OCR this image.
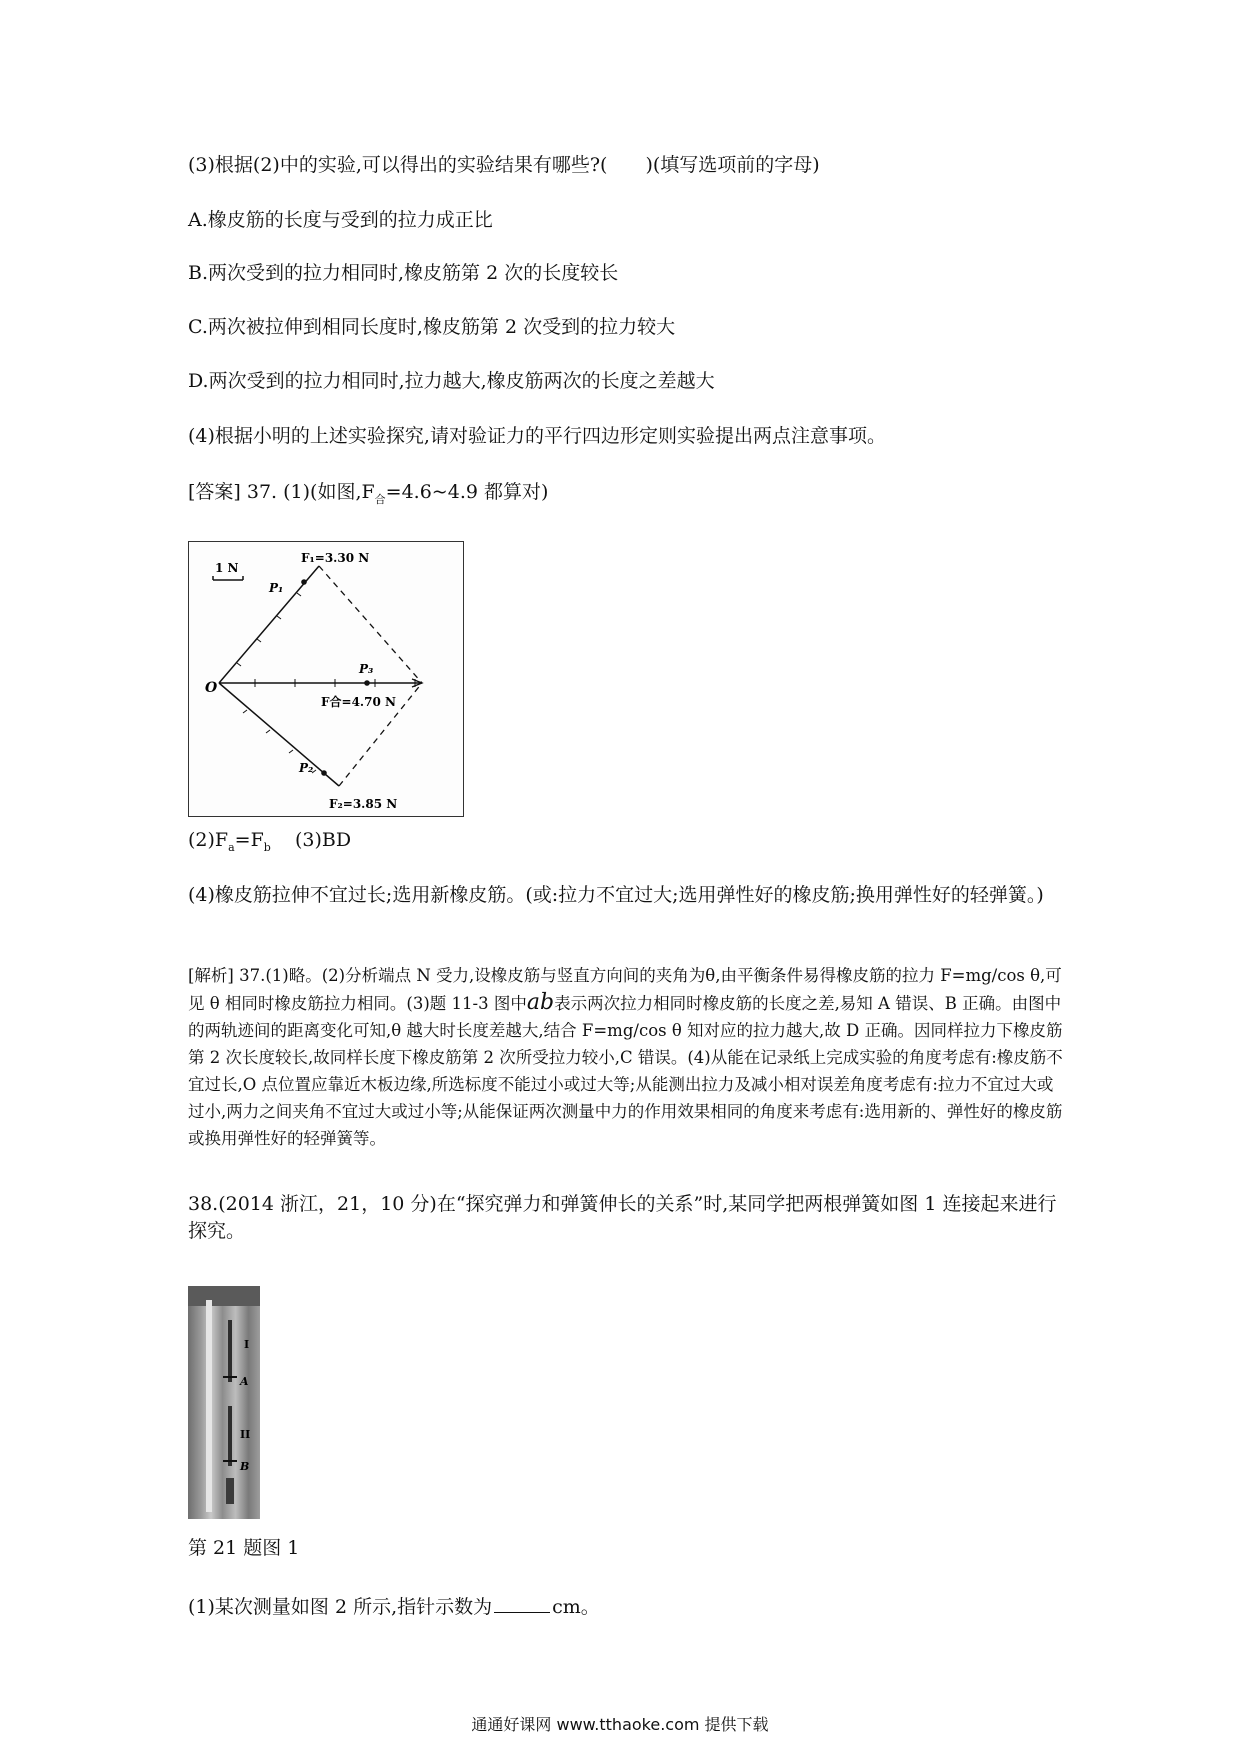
(3)根据(2)中的实验,可以得出的实验结果有哪些?( )(填写选项前的字母)
A.橡皮筋的长度与受到的拉力成正比
B.两次受到的拉力相同时,橡皮筋第 2 次的长度较长
C.两次被拉伸到相同长度时,橡皮筋第 2 次受到的拉力较大
D.两次受到的拉力相同时,拉力越大,橡皮筋两次的长度之差越大
(4)根据小明的上述实验探究,请对验证力的平行四边形定则实验提出两点注意事项。
[答案] 37. (1)(如图$,F_合=4.6\sim 4.9$ 都算对)
1 N
O
F₁=3.30 N
P₁
P₃
F合=4.70 N
P₂
F₂=3.85 N
$(2)F_a=F_b$    (3)BD
(4)橡皮筋拉伸不宜过长;选用新橡皮筋。(或:拉力不宜过大;选用弹性好的橡皮筋;换用弹性好的轻弹簧。)
[解析] 37.(1)略。(2)分析端点 N 受力,设橡皮筋与竖直方向间的夹角为θ,由平衡条件易得橡皮筋的拉力 F=mg/cos θ,可见 θ 相同时橡皮筋拉力相同。(3)题 11-3 图中ab表示两次拉力相同时橡皮筋的长度之差,易知 A 错误、B 正确。由图中的两轨迹间的距离变化可知,θ 越大时长度差越大,结合 F=mg/cos θ 知对应的拉力越大,故 D 正确。因同样拉力下橡皮筋第 2 次长度较长,故同样长度下橡皮筋第 2 次所受拉力较小,C 错误。(4)从能在记录纸上完成实验的角度考虑有:橡皮筋不宜过长,O 点位置应靠近木板边缘,所选标度不能过小或过大等;从能测出拉力及减小相对误差角度考虑有:拉力不宜过大或过小,两力之间夹角不宜过大或过小等;从能保证两次测量中力的作用效果相同的角度来考虑有:选用新的、弹性好的橡皮筋或换用弹性好的轻弹簧等。
38.(2014 浙江，21，10 分)在“探究弹力和弹簧伸长的关系”时,某同学把两根弹簧如图 1 连接起来进行探究。
I
A
II
B
第 21 题图 1
(1)某次测量如图 2 所示,指针示数为	cm。
通通好课网 www.tthaoke.com 提供下载
